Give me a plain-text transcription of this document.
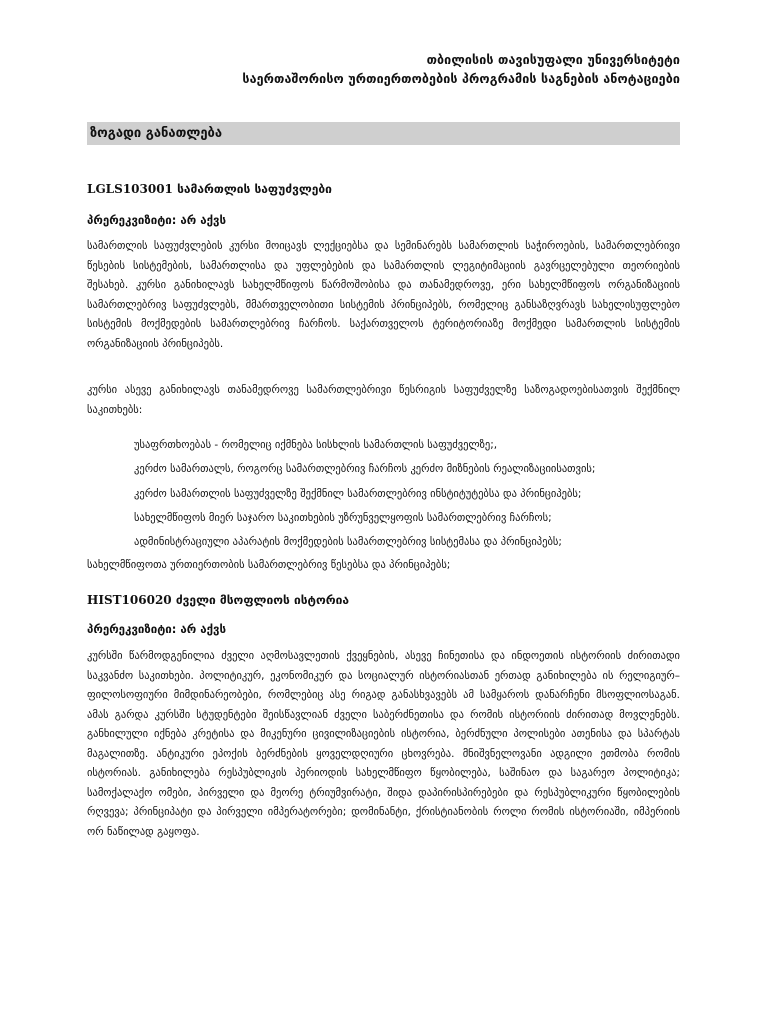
თბილისის თავისუფალი უნივერსიტეტი
საერთაშორისო ურთიერთობების პროგრამის საგნების ანოტაციები
ზოგადი განათლება
LGLS103001 სამართლის საფუძვლები
პრერეკვიზიტი: არ აქვს

სამართლის საფუძვლების კურსი მოიცავს ლექციებსა და სემინარებს სამართლის საჭიროების, სამართლებრივი წესების სისტემების, სამართლისა და უფლებების და სამართლის ლეგიტიმაციის გავრცელებული თეორიების შესახებ. კურსი განიხილავს სახელმწიფოს წარმოშობისა და თანამედროვე, ერი სახელმწიფოს ორგანიზაციის სამართლებრივ საფუძვლებს, მმართველობითი სისტემის პრინციპებს, რომელიც განსაზღვრავს სახელისუფლებო სისტემის მოქმედების სამართლებრივ ჩარჩოს. საქართველოს ტერიტორიაზე მოქმედი სამართლის სისტემის ორგანიზაციის პრინციპებს.

კურსი ასევე განიხილავს თანამედროვე სამართლებრივი წესრიგის საფუძველზე საზოგადოებისათვის შექმნილ საკითხებს:

უსაფრთხოებას - რომელიც იქმნება სისხლის სამართლის საფუძველზე;,

კერძო სამართალს, როგორც სამართლებრივ ჩარჩოს კერძო მიზნების რეალიზაციისათვის;

კერძო სამართლის საფუძველზე შექმნილ სამართლებრივ ინსტიტუტებსა და პრინციპებს;

სახელმწიფოს მიერ საჯარო საკითხების უზრუნველყოფის სამართლებრივ ჩარჩოს;

ადმინისტრაციული აპარატის მოქმედების სამართლებრივ სისტემასა და პრინციპებს;

სახელმწიფოთა ურთიერთობის სამართლებრივ წესებსა და პრინციპებს;

HIST106020 ძველი მსოფლიოს ისტორია
პრერეკვიზიტი: არ აქვს

კურსში წარმოდგენილია ძველი აღმოსავლეთის ქვეყნების, ასევე ჩინეთისა და ინდოეთის ისტორიის ძირითადი საკვანძო საკითხები. პოლიტიკურ, ეკონომიკურ და სოციალურ ისტორიასთან ერთად განიხილება ის რელიგიურ–ფილოსოფიური მიმდინარეობები, რომლებიც ასე რიგად განასხვავებს ამ სამყაროს დანარჩენი მსოფლიოსაგან. ამას გარდა კურსში სტუდენტები შეისწავლიან ძველი საბერძნეთისა და რომის ისტორიის ძირითად მოვლენებს. განხილული იქნება კრეტისა და მიკენური ცივილიზაციების ისტორია, ბერძნული პოლისები ათენისა და სპარტას მაგალითზე. ანტიკური ეპოქის ბერძნების ყოველდღიური ცხოვრება. მნიშვნელოვანი ადგილი ეთმობა რომის ისტორიას. განიხილება რესპუბლიკის პერიოდის სახელმწიფო წყობილება, საშინაო და საგარეო პოლიტიკა; სამოქალაქო ომები, პირველი და მეორე ტრიუმვირატი, შიდა დაპირისპირებები და რესპუბლიკური წყობილების რღვევა; პრინციპატი და პირველი იმპერატორები; დომინანტი, ქრისტიანობის როლი რომის ისტორიაში, იმპერიის ორ ნაწილად გაყოფა.
